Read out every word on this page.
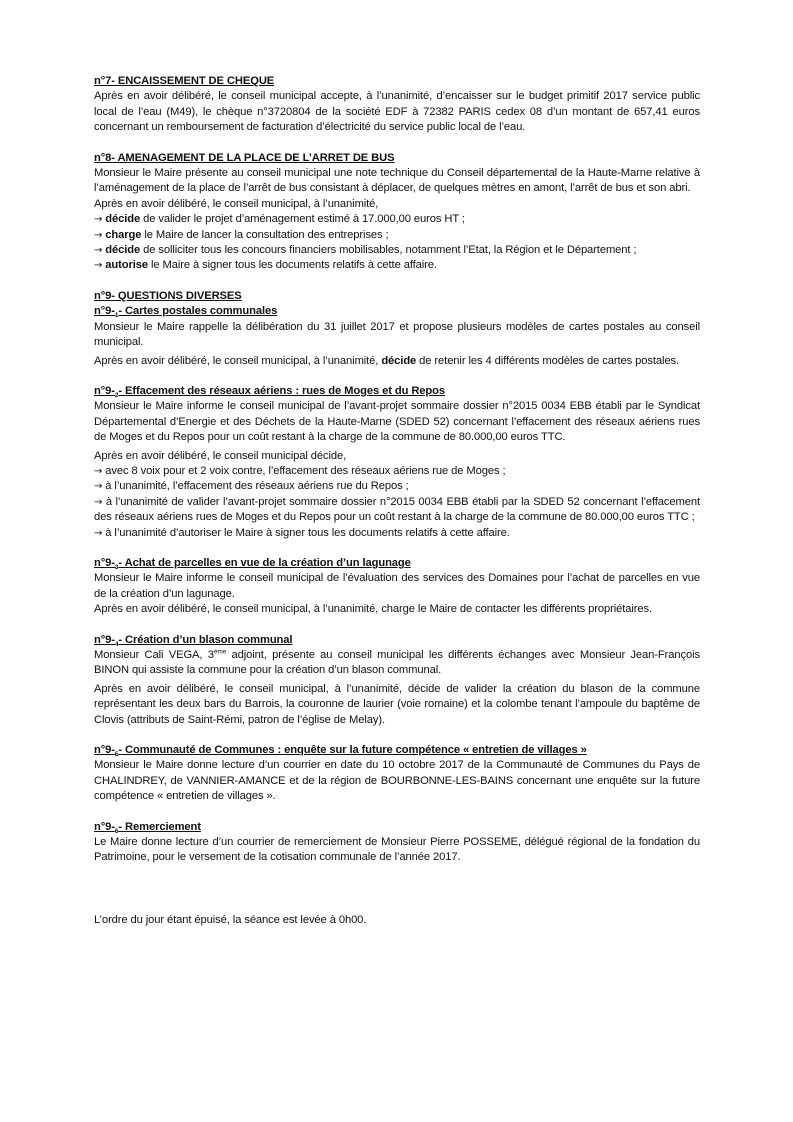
n°7- ENCAISSEMENT DE CHEQUE

Après en avoir délibéré, le conseil municipal accepte, à l’unanimité, d’encaisser sur le budget primitif 2017 service public local de l’eau (M49), le chèque n°3720804 de la société EDF à 72382 PARIS cedex 08 d’un montant de 657,41 euros concernant un remboursement de facturation d’électricité du service public local de l’eau.

n°8- AMENAGEMENT DE LA PLACE DE L’ARRET DE BUS

Monsieur le Maire présente au conseil municipal une note technique du Conseil départemental de la Haute-Marne relative à l’aménagement de la place de l’arrêt de bus consistant à déplacer, de quelques mètres en amont, l’arrêt de bus et son abri.

Après en avoir délibéré, le conseil municipal, à l’unanimité,

→ décide de valider le projet d’aménagement estimé à 17.000,00 euros HT ;

→ charge le Maire de lancer la consultation des entreprises ;

→ décide de solliciter tous les concours financiers mobilisables, notamment l’Etat, la Région et le Département ;

→ autorise le Maire à signer tous les documents relatifs à cette affaire.

n°9- QUESTIONS DIVERSES

$n^\circ 9-_1-$ Cartes postales communales

Monsieur le Maire rappelle la délibération du 31 juillet 2017 et propose plusieurs modèles de cartes postales au conseil municipal.

Après en avoir délibéré, le conseil municipal, à l’unanimité, décide de retenir les 4 différents modèles de cartes postales.

$n^\circ 9-_2-$ Effacement des réseaux aériens : rues de Moges et du Repos

Monsieur le Maire informe le conseil municipal de l’avant-projet sommaire dossier n°2015 0034 EBB établi par le Syndicat Départemental d’Energie et des Déchets de la Haute-Marne (SDED 52) concernant l’effacement des réseaux aériens rues de Moges et du Repos pour un coût restant à la charge de la commune de 80.000,00 euros TTC.

Après en avoir délibéré, le conseil municipal décide,

→ avec 8 voix pour et 2 voix contre, l’effacement des réseaux aériens rue de Moges ;

→ à l’unanimité, l’effacement des réseaux aériens rue du Repos ;

→ à l’unanimité de valider l’avant-projet sommaire dossier n°2015 0034 EBB établi par la SDED 52 concernant l’effacement des réseaux aériens rues de Moges et du Repos pour un coût restant à la charge de la commune de 80.000,00 euros TTC ;

→ à l’unanimité d’autoriser le Maire à signer tous les documents relatifs à cette affaire.

$n^\circ 9-_3-$ Achat de parcelles en vue de la création d’un lagunage

Monsieur le Maire informe le conseil municipal de l’évaluation des services des Domaines pour l’achat de parcelles en vue de la création d’un lagunage.

Après en avoir délibéré, le conseil municipal, à l’unanimité, charge le Maire de contacter les différents propriétaires.

$n^\circ 9-_4-$ Création d’un blason communal

Monsieur Cali VEGA, 3ème adjoint, présente au conseil municipal les différents échanges avec Monsieur Jean-François BINON qui assiste la commune pour la création d’un blason communal.

Après en avoir délibéré, le conseil municipal, à l’unanimité, décide de valider la création du blason de la commune représentant les deux bars du Barrois, la couronne de laurier (voie romaine) et la colombe tenant l’ampoule du baptême de Clovis (attributs de Saint-Rémi, patron de l’église de Melay).

$n^\circ 9-_5-$ Communauté de Communes : enquête sur la future compétence « entretien de villages »

Monsieur le Maire donne lecture d’un courrier en date du 10 octobre 2017 de la Communauté de Communes du Pays de CHALINDREY, de VANNIER-AMANCE et de la région de BOURBONNE-LES-BAINS concernant une enquête sur la future compétence « entretien de villages ».

$n^\circ 9-_6-$ Remerciement

Le Maire donne lecture d’un courrier de remerciement de Monsieur Pierre POSSEME, délégué régional de la fondation du Patrimoine, pour le versement de la cotisation communale de l’année 2017.

L’ordre du jour étant épuisé, la séance est levée à 0h00.
